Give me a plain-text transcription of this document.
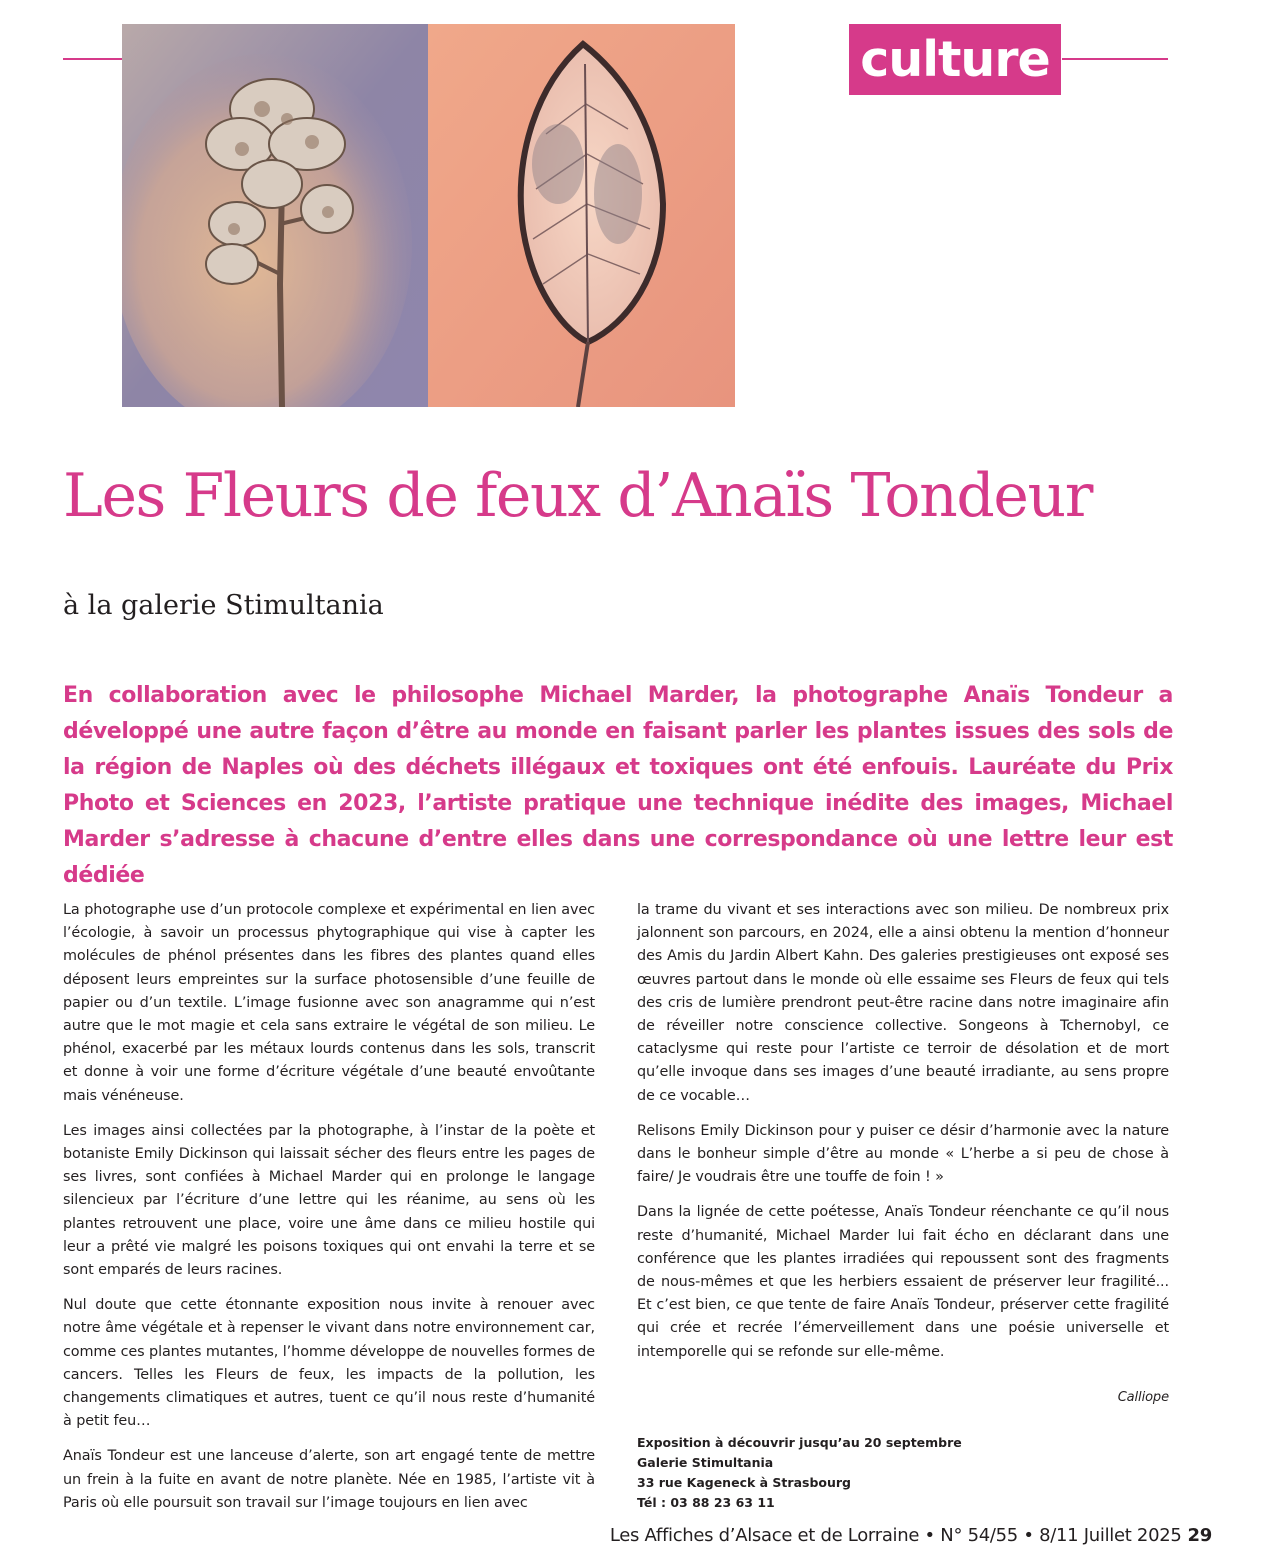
culture
Les Fleurs de feux d’Anaïs Tondeur
à la galerie Stimultania

En collaboration avec le philosophe Michael Marder, la photographe Anaïs Tondeur a développé une autre façon d’être au monde en faisant parler les plantes issues des sols de la région de Naples où des déchets illégaux et toxiques ont été enfouis. Lauréate du Prix Photo et Sciences en 2023, l’artiste pratique une technique inédite des images, Michael Marder s’adresse à chacune d’entre elles dans une correspondance où une lettre leur est dédiée

La photographe use d’un protocole complexe et expérimental en lien avec l’écologie, à savoir un processus phytographique qui vise à capter les molécules de phénol présentes dans les fibres des plantes quand elles déposent leurs empreintes sur la surface photosensible d’une feuille de papier ou d’un textile. L’image fusionne avec son anagramme qui n’est autre que le mot magie et cela sans extraire le végétal de son milieu. Le phénol, exacerbé par les métaux lourds contenus dans les sols, transcrit et donne à voir une forme d’écriture végétale d’une beauté envoûtante mais vénéneuse.

Les images ainsi collectées par la photographe, à l’instar de la poète et botaniste Emily Dickinson qui laissait sécher des fleurs entre les pages de ses livres, sont confiées à Michael Marder qui en prolonge le langage silencieux par l’écriture d’une lettre qui les réanime, au sens où les plantes retrouvent une place, voire une âme dans ce milieu hostile qui leur a prêté vie malgré les poisons toxiques qui ont envahi la terre et se sont emparés de leurs racines.

Nul doute que cette étonnante exposition nous invite à renouer avec notre âme végétale et à repenser le vivant dans notre environnement car, comme ces plantes mutantes, l’homme développe de nouvelles formes de cancers. Telles les Fleurs de feux, les impacts de la pollution, les changements climatiques et autres, tuent ce qu’il nous reste d’humanité à petit feu…

Anaïs Tondeur est une lanceuse d’alerte, son art engagé tente de mettre un frein à la fuite en avant de notre planète. Née en 1985, l’artiste vit à Paris où elle poursuit son travail sur l’image toujours en lien avec

la trame du vivant et ses interactions avec son milieu. De nombreux prix jalonnent son parcours, en 2024, elle a ainsi obtenu la mention d’honneur des Amis du Jardin Albert Kahn. Des galeries prestigieuses ont exposé ses œuvres partout dans le monde où elle essaime ses Fleurs de feux qui tels des cris de lumière prendront peut-être racine dans notre imaginaire afin de réveiller notre conscience collective. Songeons à Tchernobyl, ce cataclysme qui reste pour l’artiste ce terroir de désolation et de mort qu’elle invoque dans ses images d’une beauté irradiante, au sens propre de ce vocable…

Relisons Emily Dickinson pour y puiser ce désir d’harmonie avec la nature dans le bonheur simple d’être au monde « L’herbe a si peu de chose à faire/ Je voudrais être une touffe de foin ! »

Dans la lignée de cette poétesse, Anaïs Tondeur réenchante ce qu’il nous reste d’humanité, Michael Marder lui fait écho en déclarant dans une conférence que les plantes irradiées qui repoussent sont des fragments de nous-mêmes et que les herbiers essaient de préserver leur fragilité... Et c’est bien, ce que tente de faire Anaïs Tondeur, préserver cette fragilité qui crée et recrée l’émerveillement dans une poésie universelle et intemporelle qui se refonde sur elle-même.

Calliope

Exposition à découvrir jusqu’au 20 septembre
Galerie Stimultania
33 rue Kageneck à Strasbourg
Tél : 03 88 23 63 11
Les Affiches d’Alsace et de Lorraine • N° 54/55 • 8/11 Juillet 2025 29
